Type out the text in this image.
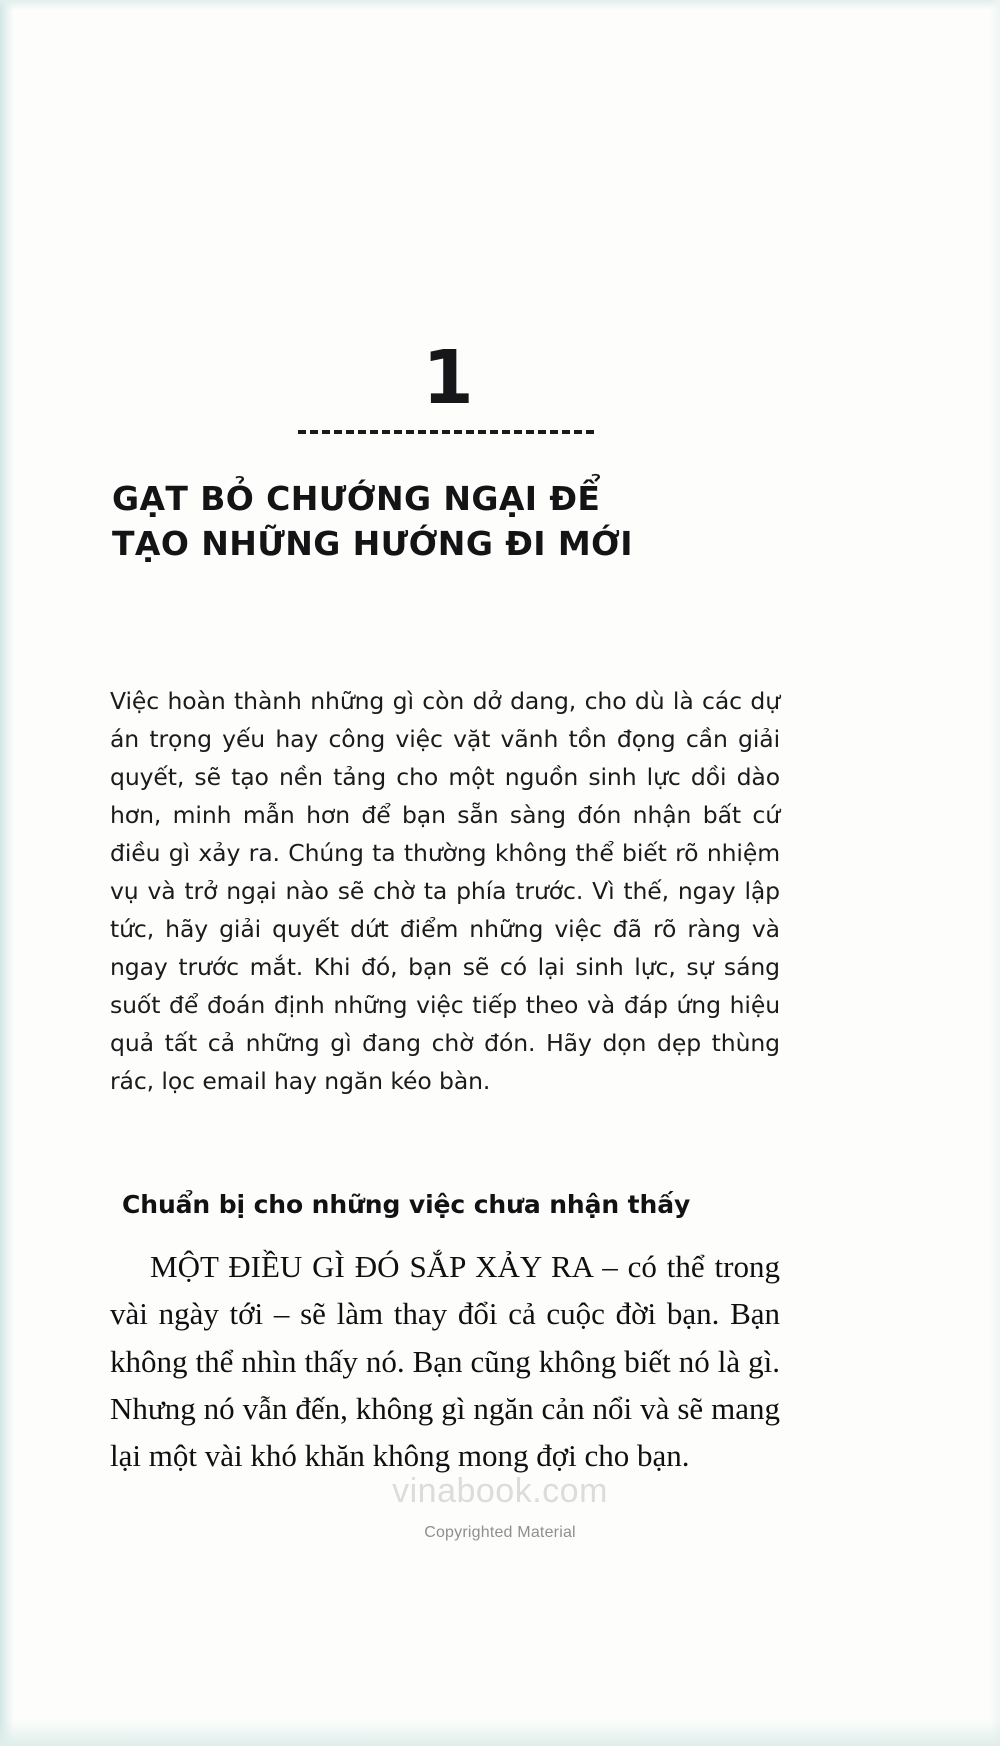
1
GẠT BỎ CHƯỚNG NGẠI ĐỂ
TẠO NHỮNG HƯỚNG ĐI MỚI

Việc hoàn thành những gì còn dở dang, cho dù là các dự án trọng yếu hay công việc vặt vãnh tồn đọng cần giải quyết, sẽ tạo nền tảng cho một nguồn sinh lực dồi dào hơn, minh mẫn hơn để bạn sẵn sàng đón nhận bất cứ điều gì xảy ra. Chúng ta thường không thể biết rõ nhiệm vụ và trở ngại nào sẽ chờ ta phía trước. Vì thế, ngay lập tức, hãy giải quyết dứt điểm những việc đã rõ ràng và ngay trước mắt. Khi đó, bạn sẽ có lại sinh lực, sự sáng suốt để đoán định những việc tiếp theo và đáp ứng hiệu quả tất cả những gì đang chờ đón. Hãy dọn dẹp thùng rác, lọc email hay ngăn kéo bàn.

Chuẩn bị cho những việc chưa nhận thấy

MỘT ĐIỀU GÌ ĐÓ SẮP XẢY RA – có thể trong vài ngày tới – sẽ làm thay đổi cả cuộc đời bạn. Bạn không thể nhìn thấy nó. Bạn cũng không biết nó là gì. Nhưng nó vẫn đến, không gì ngăn cản nổi và sẽ mang lại một vài khó khăn không mong đợi cho bạn.

vinabook.com
Copyrighted Material
